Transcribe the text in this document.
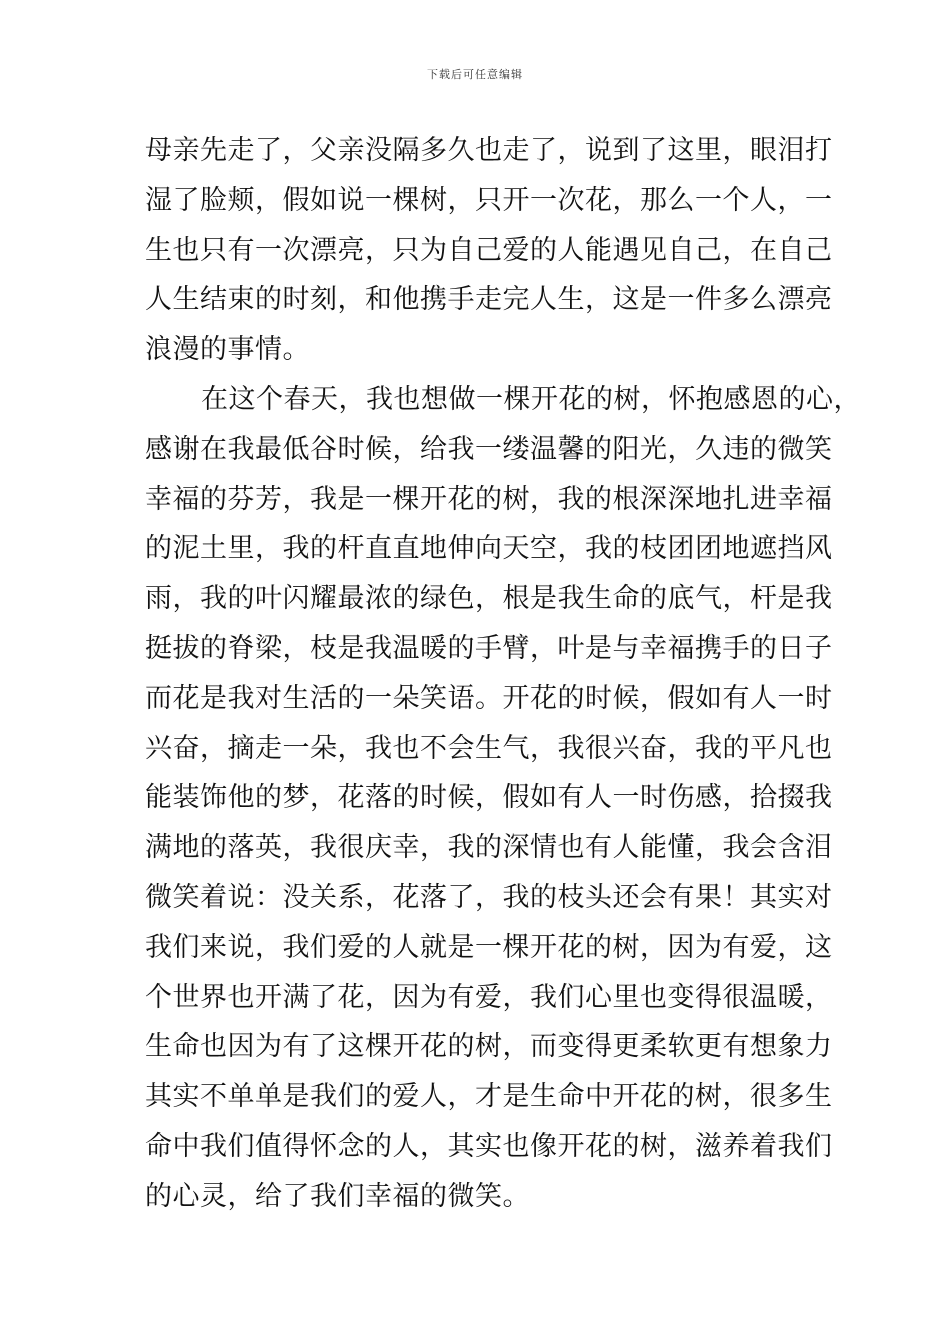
下载后可任意编辑
母亲先走了，父亲没隔多久也走了，说到了这里，眼泪打
湿了脸颊，假如说一棵树，只开一次花，那么一个人，一
生也只有一次漂亮，只为自己爱的人能遇见自己，在自己
人生结束的时刻，和他携手走完人生，这是一件多么漂亮
浪漫的事情。
在这个春天，我也想做一棵开花的树，怀抱感恩的心，
感谢在我最低谷时候，给我一缕温馨的阳光，久违的微笑
幸福的芬芳，我是一棵开花的树，我的根深深地扎进幸福
的泥土里，我的杆直直地伸向天空，我的枝团团地遮挡风
雨，我的叶闪耀最浓的绿色，根是我生命的底气，杆是我
挺拔的脊梁，枝是我温暖的手臂，叶是与幸福携手的日子
而花是我对生活的一朵笑语。开花的时候，假如有人一时
兴奋，摘走一朵，我也不会生气，我很兴奋，我的平凡也
能装饰他的梦，花落的时候，假如有人一时伤感，拾掇我
满地的落英，我很庆幸，我的深情也有人能懂，我会含泪
微笑着说：没关系，花落了，我的枝头还会有果！其实对
我们来说，我们爱的人就是一棵开花的树，因为有爱，这
个世界也开满了花，因为有爱，我们心里也变得很温暖，
生命也因为有了这棵开花的树，而变得更柔软更有想象力
其实不单单是我们的爱人，才是生命中开花的树，很多生
命中我们值得怀念的人，其实也像开花的树，滋养着我们
的心灵，给了我们幸福的微笑。
